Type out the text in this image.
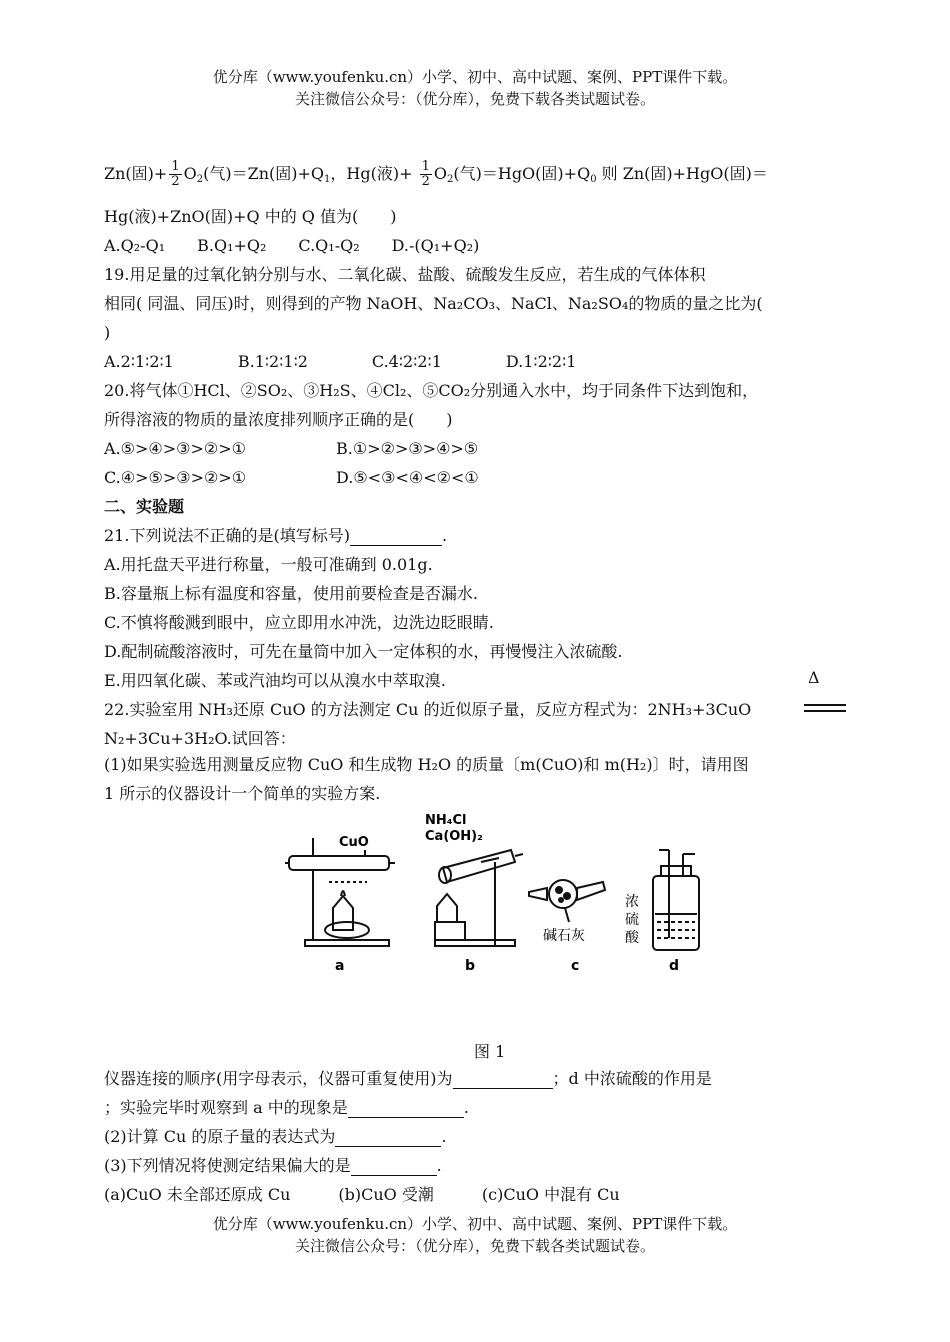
优分库（www.youfenku.cn）小学、初中、高中试题、案例、PPT课件下载。
关注微信公众号：（优分库），免费下载各类试题试卷。
Zn(固)+ $\frac{1}{2} O_2$(气)＝Zn(固)$+Q_1$，Hg(液)+ $\frac{1}{2} O_2$(气)＝HgO(固)$+Q_0$ 则 Zn(固)+HgO(固)＝
Hg(液)+ZnO(固)+Q 中的 Q 值为(　　)
A.Q₂-Q₁　　B.Q₁+Q₂　　C.Q₁-Q₂　　D.-(Q₁+Q₂)
19.用足量的过氧化钠分别与水、二氧化碳、盐酸、硫酸发生反应，若生成的气体体积
相同( 同温、同压)时，则得到的产物 NaOH、Na₂CO₃、NaCl、Na₂SO₄的物质的量之比为(
)
A.2∶1∶2∶1　　　　B.1∶2∶1∶2　　　　C.4∶2∶2∶1　　　　D.1∶2∶2∶1
20.将气体①HCl、②SO₂、③H₂S、④Cl₂、⑤CO₂分别通入水中，均于同条件下达到饱和，
所得溶液的物质的量浓度排列顺序正确的是(　　)
A.⑤>④>③>②>①	B.①>②>③>④>⑤
C.④>⑤>③>②>①	D.⑤<③<④<②<①
二、实验题
21.下列说法不正确的是(填写标号)	.
A.用托盘天平进行称量，一般可准确到 0.01g.
B.容量瓶上标有温度和容量，使用前要检查是否漏水.
C.不慎将酸溅到眼中，应立即用水冲洗，边洗边眨眼睛.
D.配制硫酸溶液时，可先在量筒中加入一定体积的水，再慢慢注入浓硫酸.
E.用四氧化碳、苯或汽油均可以从溴水中萃取溴.	Δ
22.实验室用 NH₃还原 CuO 的方法测定 Cu 的近似原子量，反应方程式为：2NH₃+3CuO
N₂+3Cu+3H₂O.试回答：
(1)如果实验选用测量反应物 CuO 和生成物 H₂O 的质量〔m(CuO)和 m(H₂)〕时，请用图
1 所示的仪器设计一个简单的实验方案.
CuO
NH₄Cl
Ca(OH)₂
碱石灰
浓
硫
酸
a	b	c	d
图 1
仪器连接的顺序(用字母表示，仪器可重复使用)为	；d 中浓硫酸的作用是
；实验完毕时观察到 a 中的现象是	.
(2)计算 Cu 的原子量的表达式为	.
(3)下列情况将使测定结果偏大的是	.
(a)CuO 未全部还原成 Cu　　　(b)CuO 受潮　　　(c)CuO 中混有 Cu
优分库（www.youfenku.cn）小学、初中、高中试题、案例、PPT课件下载。
关注微信公众号：（优分库），免费下载各类试题试卷。
